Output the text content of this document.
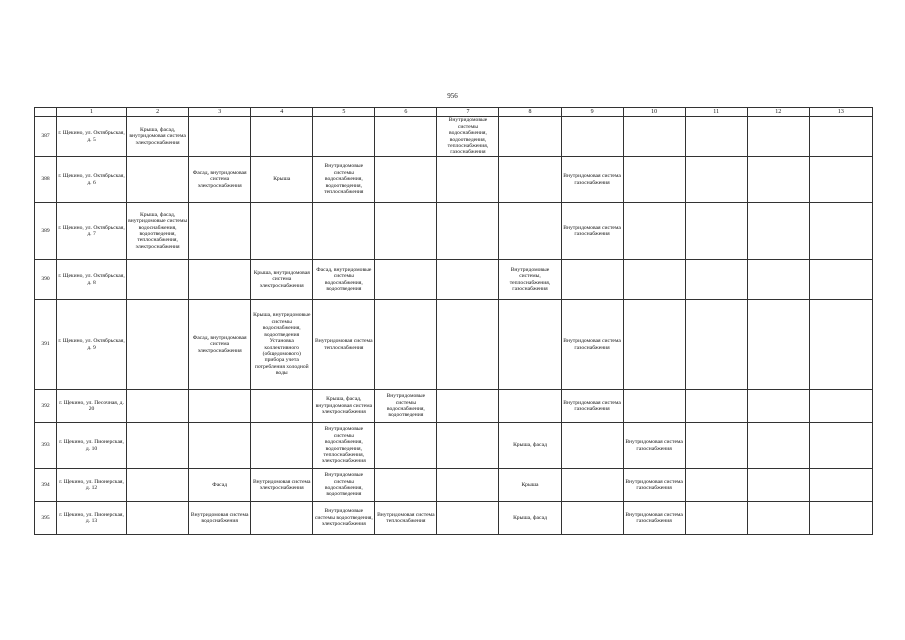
956
	1	2	3	4	5	6	7	8	9	10	11	12	13
387	г. Щекино, ул. Октябрьская, д. 5	Крыша, фасад, внутридомовая система электроснабжения					Внутридомовые системы водоснабжения, водоотведения, теплоснабжения, газоснабжения						
388	г. Щекино, ул. Октябрьская, д. 6		Фасад, внутридомовая система электроснабжения	Крыша	Внутридомовые системы водоснабжения, водоотведения, теплоснабжения				Внутридомовая система газоснабжения				
389	г. Щекино, ул. Октябрьская, д. 7	Крыша, фасад, внутридомовые системы водоснабжения, водоотведения, теплоснабжения, электроснабжения							Внутридомовая система газоснабжения				
390	г. Щекино, ул. Октябрьская, д. 8			Крыша, внутридомовая система электроснабжения	Фасад, внутридомовые системы водоснабжения, водоотведения			Внутридомовые системы, теплоснабжения, газоснабжения					
391	г. Щекино, ул. Октябрьская, д. 9		Фасад, внутридомовая система электроснабжения	Крыша, внутридомовые системы водоснабжения, водоотведения Установка коллективного (общедомового) прибора учета потребления холодной воды	Внутридомовая система теплоснабжения				Внутридомовая система газоснабжения				
392	г. Щекино, ул. Песочная, д. 20				Крыша, фасад, внутридомовая система электроснабжения	Внутридомовые системы водоснабжения, водоотведения			Внутридомовая система газоснабжения				
393	г. Щекино, ул. Пионерская, д. 10				Внутридомовые системы водоснабжения, водоотведения, теплоснабжения, электроснабжения			Крыша, фасад		Внутридомовая система газоснабжения			
394	г. Щекино, ул. Пионерская, д. 12		Фасад	Внутридомовая система электроснабжения	Внутридомовые системы водоснабжения, водоотведения			Крыша		Внутридомовая система газоснабжения			
395	г. Щекино, ул. Пионерская, д. 13		Внутридомовая система водоснабжения		Внутридомовые системы водоотведения, электроснабжения	Внутридомовая система теплоснабжения		Крыша, фасад		Внутридомовая система газоснабжения			
